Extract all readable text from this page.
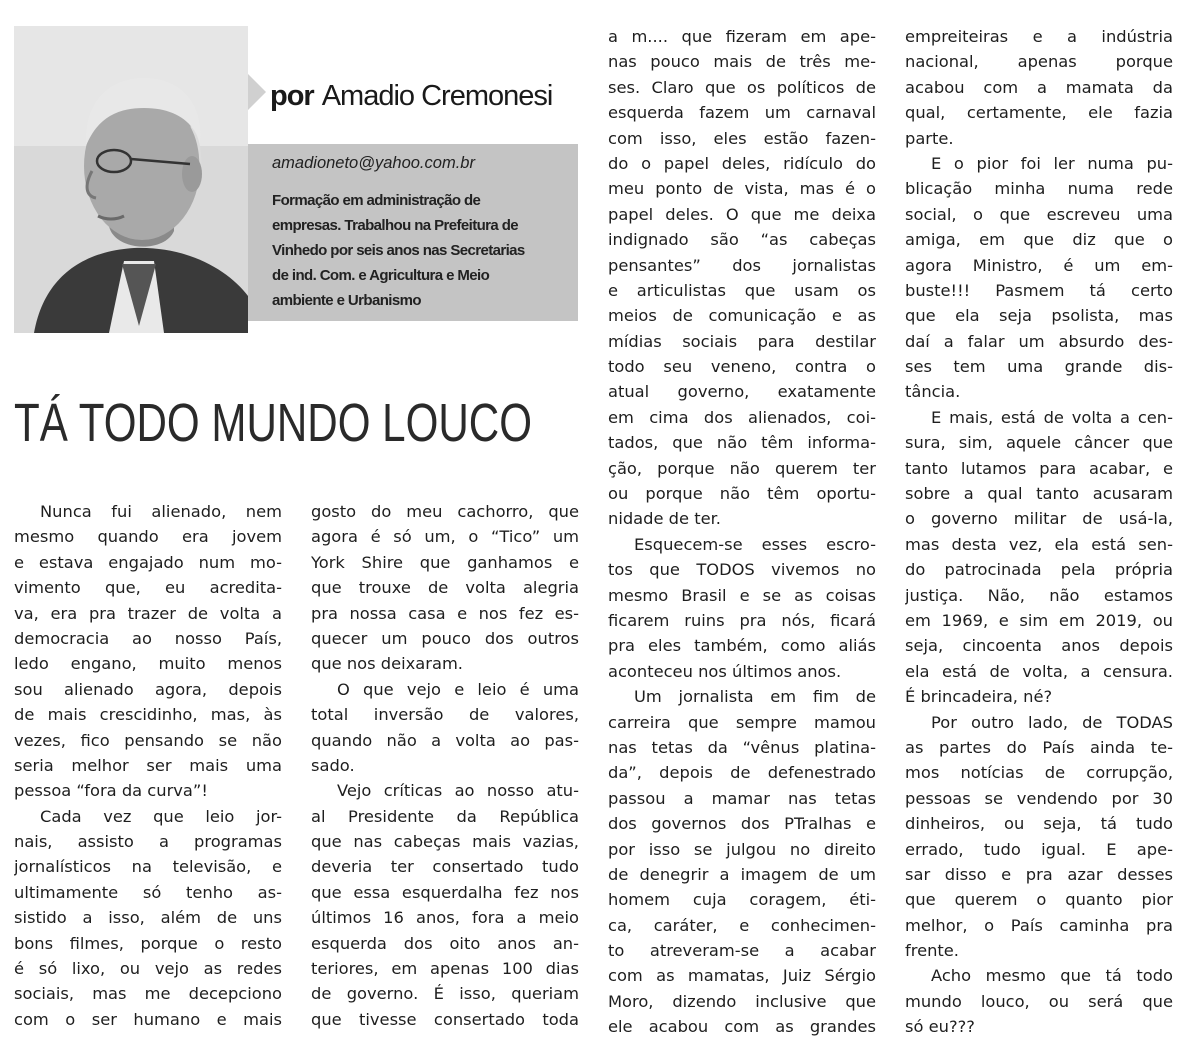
por Amadio Cremonesi
amadioneto@yahoo.com.br
Formação em administração de
empresas. Trabalhou na Prefeitura de
Vinhedo por seis anos nas Secretarias
de ind. Com. e Agricultura e Meio
ambiente e Urbanismo
TÁ TODO MUNDO LOUCO
Nunca fui alienado, nem
mesmo quando era jovem
e estava engajado num mo-
vimento que, eu acredita-
va, era pra trazer de volta a
democracia ao nosso País,
ledo engano, muito menos
sou alienado agora, depois
de mais crescidinho, mas, às
vezes, fico pensando se não
seria melhor ser mais uma
pessoa “fora da curva”!
Cada vez que leio jor-
nais, assisto a programas
jornalísticos na televisão, e
ultimamente só tenho as-
sistido a isso, além de uns
bons filmes, porque o resto
é só lixo, ou vejo as redes
sociais, mas me decepciono
com o ser humano e mais
gosto do meu cachorro, que
agora é só um, o “Tico” um
York Shire que ganhamos e
que trouxe de volta alegria
pra nossa casa e nos fez es-
quecer um pouco dos outros
que nos deixaram.
O que vejo e leio é uma
total inversão de valores,
quando não a volta ao pas-
sado.
Vejo críticas ao nosso atu-
al Presidente da República
que nas cabeças mais vazias,
deveria ter consertado tudo
que essa esquerdalha fez nos
últimos 16 anos, fora a meio
esquerda dos oito anos an-
teriores, em apenas 100 dias
de governo. É isso, queriam
que tivesse consertado toda
a m.... que fizeram em ape-
nas pouco mais de três me-
ses. Claro que os políticos de
esquerda fazem um carnaval
com isso, eles estão fazen-
do o papel deles, ridículo do
meu ponto de vista, mas é o
papel deles. O que me deixa
indignado são “as cabeças
pensantes” dos jornalistas
e articulistas que usam os
meios de comunicação e as
mídias sociais para destilar
todo seu veneno, contra o
atual governo, exatamente
em cima dos alienados, coi-
tados, que não têm informa-
ção, porque não querem ter
ou porque não têm oportu-
nidade de ter.
Esquecem-se esses escro-
tos que TODOS vivemos no
mesmo Brasil e se as coisas
ficarem ruins pra nós, ficará
pra eles também, como aliás
aconteceu nos últimos anos.
Um jornalista em fim de
carreira que sempre mamou
nas tetas da “vênus platina-
da”, depois de defenestrado
passou a mamar nas tetas
dos governos dos PTralhas e
por isso se julgou no direito
de denegrir a imagem de um
homem cuja coragem, éti-
ca, caráter, e conhecimen-
to atreveram-se a acabar
com as mamatas, Juiz Sérgio
Moro, dizendo inclusive que
ele acabou com as grandes
empreiteiras e a indústria
nacional, apenas porque
acabou com a mamata da
qual, certamente, ele fazia
parte.
E o pior foi ler numa pu-
blicação minha numa rede
social, o que escreveu uma
amiga, em que diz que o
agora Ministro, é um em-
buste!!! Pasmem tá certo
que ela seja psolista, mas
daí a falar um absurdo des-
ses tem uma grande dis-
tância.
E mais, está de volta a cen-
sura, sim, aquele câncer que
tanto lutamos para acabar, e
sobre a qual tanto acusaram
o governo militar de usá-la,
mas desta vez, ela está sen-
do patrocinada pela própria
justiça. Não, não estamos
em 1969, e sim em 2019, ou
seja, cincoenta anos depois
ela está de volta, a censura.
É brincadeira, né?
Por outro lado, de TODAS
as partes do País ainda te-
mos notícias de corrupção,
pessoas se vendendo por 30
dinheiros, ou seja, tá tudo
errado, tudo igual. E ape-
sar disso e pra azar desses
que querem o quanto pior
melhor, o País caminha pra
frente.
Acho mesmo que tá todo
mundo louco, ou será que
só eu???
